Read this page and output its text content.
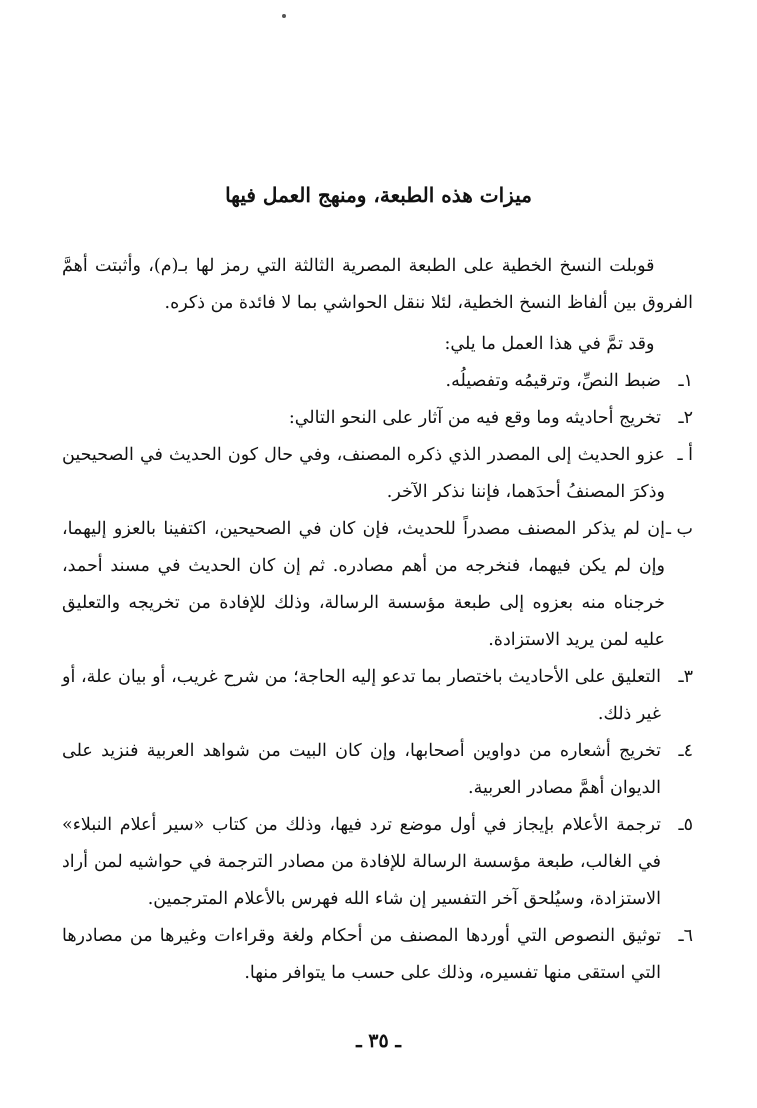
ميزات هذه الطبعة، ومنهج العمل فيها

قوبلت النسخ الخطية على الطبعة المصرية الثالثة التي رمز لها بـ(م)، وأثبتت أهمَّ الفروق بين ألفاظ النسخ الخطية، لئلا ننقل الحواشي بما لا فائدة من ذكره.

وقد تمَّ في هذا العمل ما يلي:

١ـ
ضبط النصِّ، وترقيمُه وتفصيلُه.
٢ـ
تخريج أحاديثه وما وقع فيه من آثار على النحو التالي:
أ ـ
عزو الحديث إلى المصدر الذي ذكره المصنف، وفي حال كون الحديث في الصحيحين وذكرَ المصنفُ أحدَهما، فإننا نذكر الآخر.
ب ـ
إن لم يذكر المصنف مصدراً للحديث، فإن كان في الصحيحين، اكتفينا بالعزو إليهما، وإن لم يكن فيهما، فنخرجه من أهم مصادره. ثم إن كان الحديث في مسند أحمد، خرجناه منه بعزوه إلى طبعة مؤسسة الرسالة، وذلك للإفادة من تخريجه والتعليق عليه لمن يريد الاستزادة.
٣ـ
التعليق على الأحاديث باختصار بما تدعو إليه الحاجة؛ من شرح غريب، أو بيان علة، أو غير ذلك.
٤ـ
تخريج أشعاره من دواوين أصحابها، وإن كان البيت من شواهد العربية فنزيد على الديوان أهمَّ مصادر العربية.
٥ـ
ترجمة الأعلام بإيجاز في أول موضع ترد فيها، وذلك من كتاب «سير أعلام النبلاء» في الغالب، طبعة مؤسسة الرسالة للإفادة من مصادر الترجمة في حواشيه لمن أراد الاستزادة، وسيُلحق آخر التفسير إن شاء الله فهرس بالأعلام المترجمين.
٦ـ
توثيق النصوص التي أوردها المصنف من أحكام ولغة وقراءات وغيرها من مصادرها التي استقى منها تفسيره، وذلك على حسب ما يتوافر منها.
ـ ٣٥ ـ
